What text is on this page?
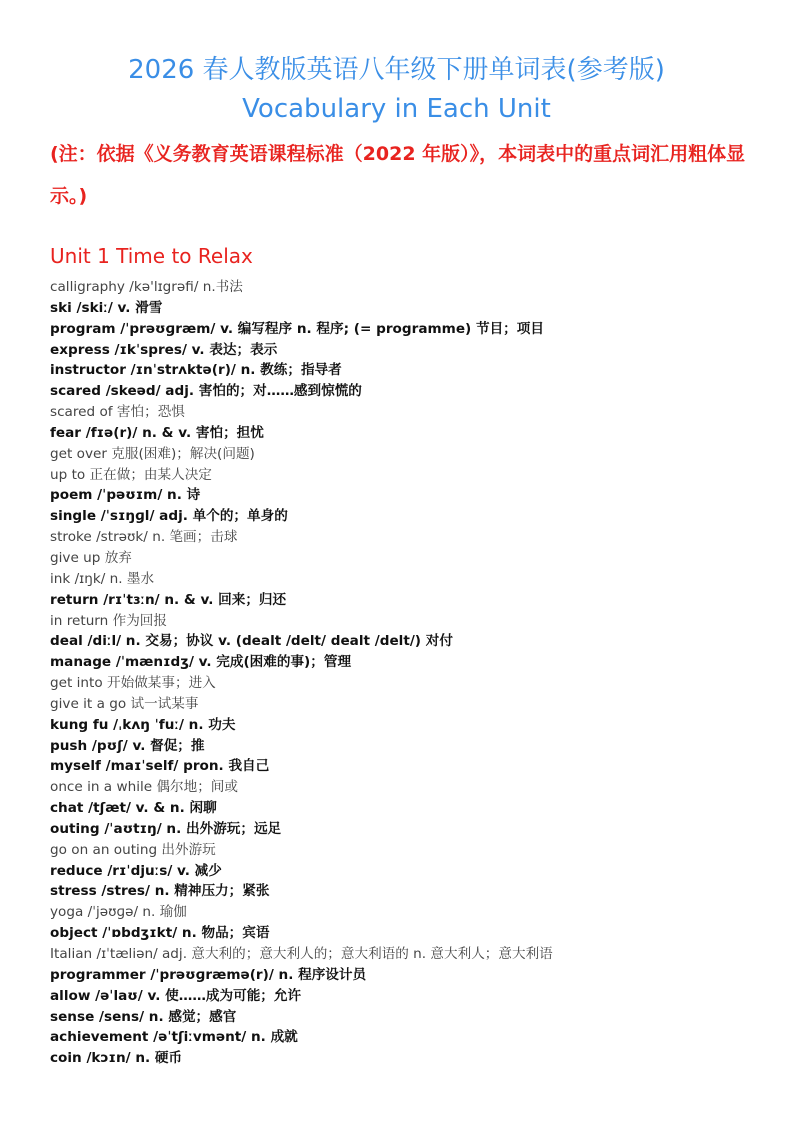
2026 春人教版英语八年级下册单词表(参考版)
Vocabulary in Each Unit
(注：依据《义务教育英语课程标准（2022 年版）》，本词表中的重点词汇用粗体显示。)
Unit 1 Time to Relax
calligraphy /kə'lɪgrəfi/ n.书法
ski /skiː/ v. 滑雪
program /ˈprəʊɡræm/ v. 编写程序 n. 程序; (= programme) 节目；项目
express /ɪkˈspres/ v. 表达；表示
instructor /ɪnˈstrʌktə(r)/ n. 教练；指导者
scared /skeəd/ adj. 害怕的；对……感到惊慌的
scared of 害怕；恐惧
fear /fɪə(r)/ n. & v. 害怕；担忧
get over 克服(困难)；解决(问题)
up to 正在做；由某人决定
poem /ˈpəʊɪm/ n. 诗
single /ˈsɪŋɡl/ adj. 单个的；单身的
stroke /strəʊk/ n. 笔画；击球
give up 放弃
ink /ɪŋk/ n. 墨水
return /rɪˈtɜːn/ n. & v. 回来；归还
in return 作为回报
deal /diːl/ n. 交易；协议 v. (dealt /delt/ dealt /delt/) 对付
manage /ˈmænɪdʒ/ v. 完成(困难的事)；管理
get into 开始做某事；进入
give it a go 试一试某事
kung fu /ˌkʌŋ ˈfuː/ n. 功夫
push /pʊʃ/ v. 督促；推
myself /maɪˈself/ pron. 我自己
once in a while 偶尔地；间或
chat /tʃæt/ v. & n. 闲聊
outing /ˈaʊtɪŋ/ n. 出外游玩；远足
go on an outing 出外游玩
reduce /rɪˈdjuːs/ v. 减少
stress /stres/ n. 精神压力；紧张
yoga /ˈjəʊɡə/ n. 瑜伽
object /ˈɒbdʒɪkt/ n. 物品；宾语
Italian /ɪˈtæliən/ adj. 意大利的；意大利人的；意大利语的 n. 意大利人；意大利语
programmer /ˈprəʊɡræmə(r)/ n. 程序设计员
allow /əˈlaʊ/ v. 使……成为可能；允许
sense /sens/ n. 感觉；感官
achievement /əˈtʃiːvmənt/ n. 成就
coin /kɔɪn/ n. 硬币
